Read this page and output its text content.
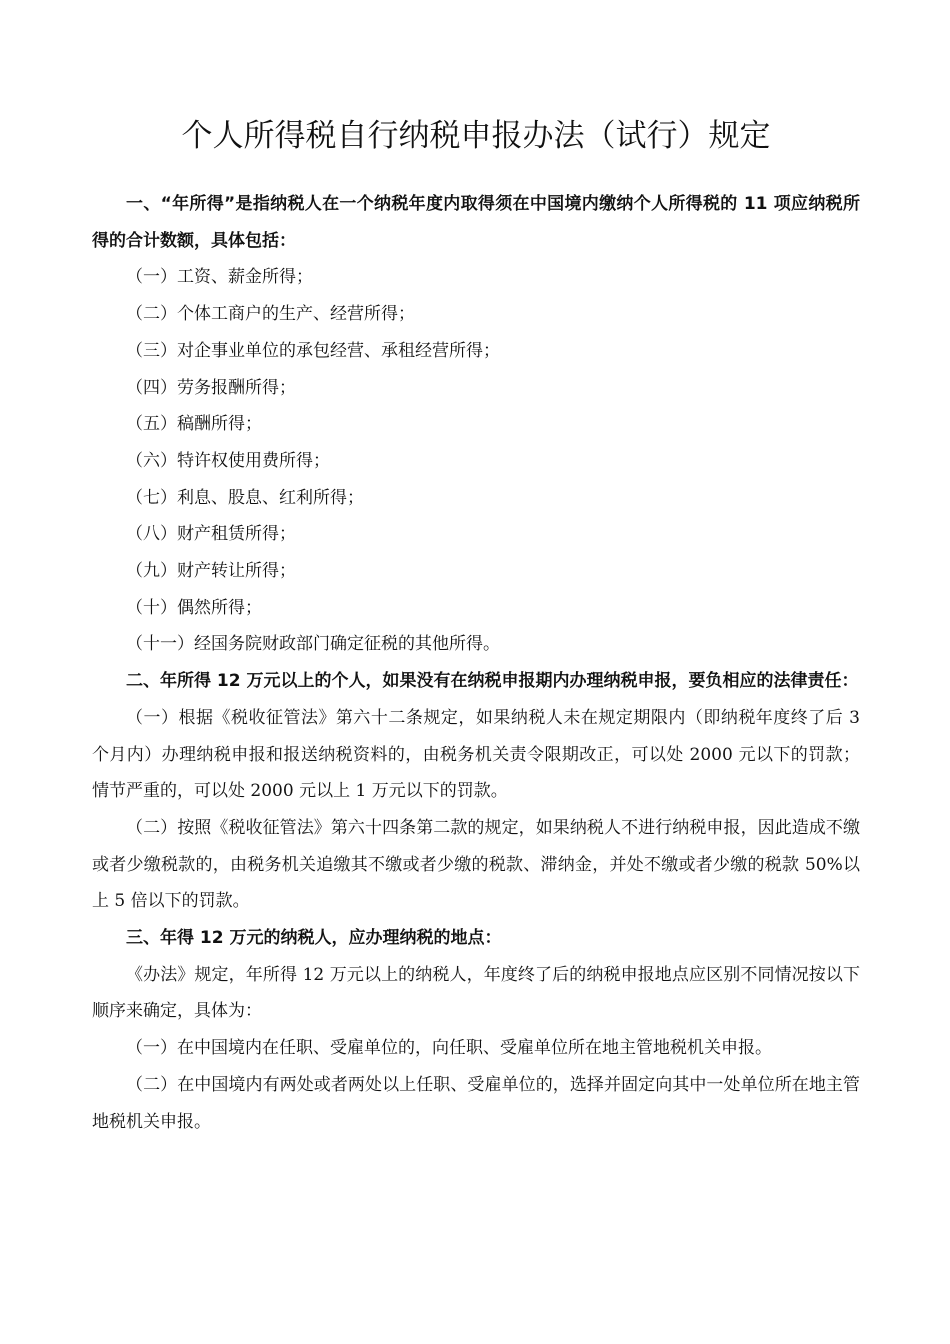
个人所得税自行纳税申报办法（试行）规定

一、“年所得”是指纳税人在一个纳税年度内取得须在中国境内缴纳个人所得税的 11 项应纳税所得的合计数额，具体包括：

（一）工资、薪金所得；

（二）个体工商户的生产、经营所得；

（三）对企事业单位的承包经营、承租经营所得；

（四）劳务报酬所得；

（五）稿酬所得；

（六）特许权使用费所得；

（七）利息、股息、红利所得；

（八）财产租赁所得；

（九）财产转让所得；

（十）偶然所得；

（十一）经国务院财政部门确定征税的其他所得。

二、年所得 12 万元以上的个人，如果没有在纳税申报期内办理纳税申报，要负相应的法律责任：

（一）根据《税收征管法》第六十二条规定，如果纳税人未在规定期限内（即纳税年度终了后 3 个月内）办理纳税申报和报送纳税资料的，由税务机关责令限期改正，可以处 2000 元以下的罚款；情节严重的，可以处 2000 元以上 1 万元以下的罚款。

（二）按照《税收征管法》第六十四条第二款的规定，如果纳税人不进行纳税申报，因此造成不缴或者少缴税款的，由税务机关追缴其不缴或者少缴的税款、滞纳金，并处不缴或者少缴的税款 50%以上 5 倍以下的罚款。

三、年得 12 万元的纳税人，应办理纳税的地点：

《办法》规定，年所得 12 万元以上的纳税人，年度终了后的纳税申报地点应区别不同情况按以下顺序来确定，具体为：

（一）在中国境内在任职、受雇单位的，向任职、受雇单位所在地主管地税机关申报。

（二）在中国境内有两处或者两处以上任职、受雇单位的，选择并固定向其中一处单位所在地主管地税机关申报。
